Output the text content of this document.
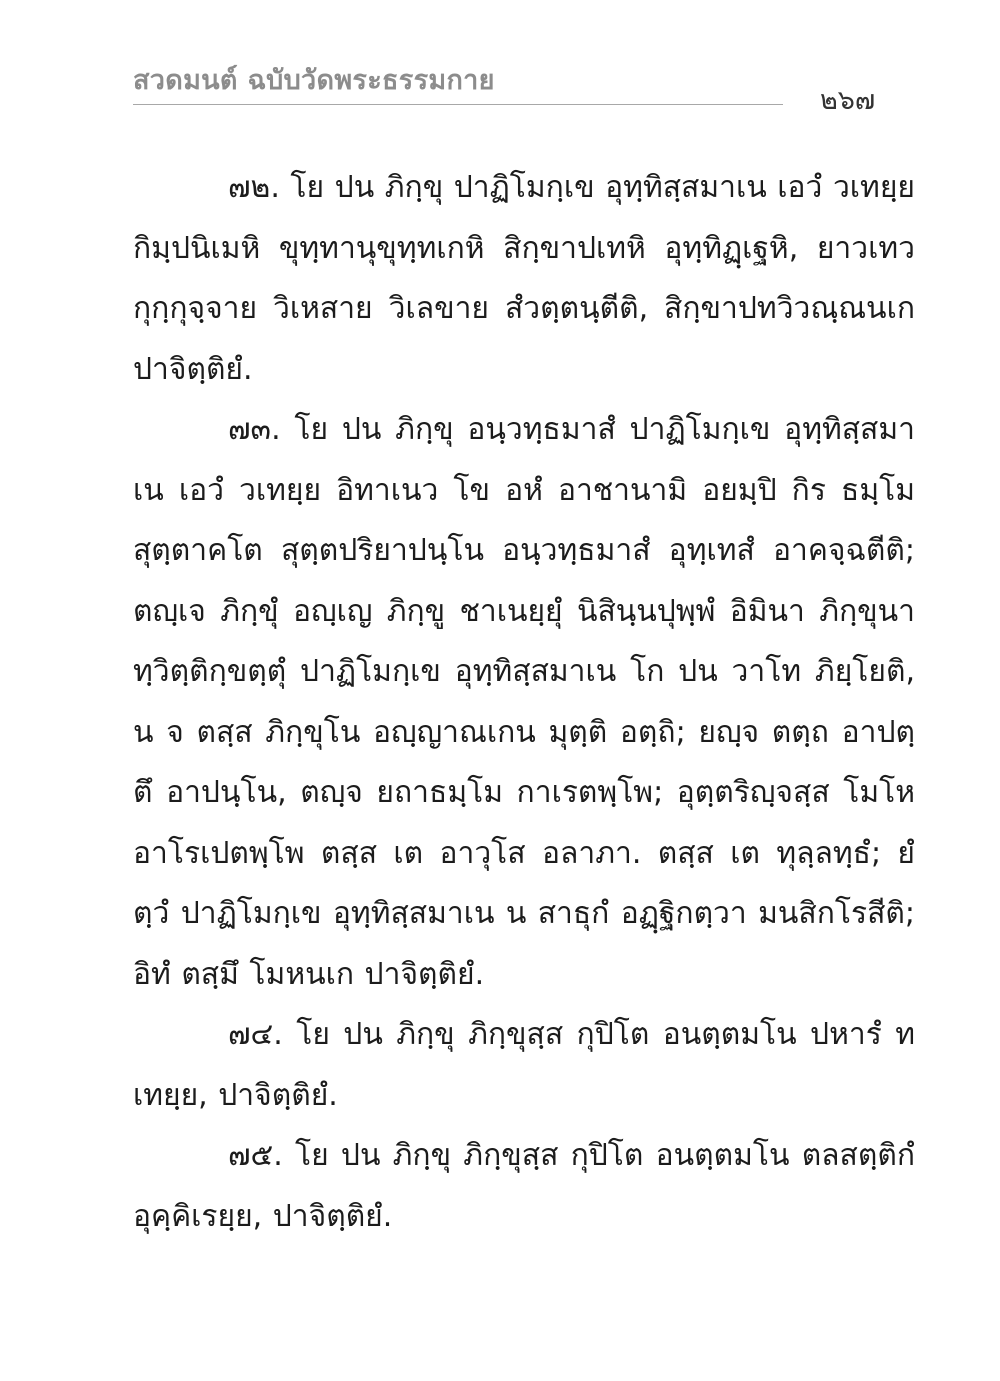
สวดมนต์ ฉบับวัดพระธรรมกาย
๒๖๗

๗๒. โย ปน ภิกฺขุ ปาฏิโมกฺเข อุทฺทิสฺสมาเน เอวํ วเทยฺย กิมฺปนิเมหิ ขุทฺทานุขุทฺทเกหิ สิกฺขาปเทหิ อุทฺทิฏฺเฐหิ, ยาวเทว กุกฺกุจฺจาย วิเหสาย วิเลขาย สํวตฺตนฺตีติ, สิกฺขาปทวิวณฺณนเก ปาจิตฺติยํ.

๗๓. โย ปน ภิกฺขุ อนฺวทฺธมาสํ ปาฏิโมกฺเข อุทฺทิสฺสมาเน เอวํ วเทยฺย อิทาเนว โข อหํ อาชานามิ อยมฺปิ กิร ธมฺโม สุตฺตาคโต สุตฺตปริยาปนฺโน อนฺวทฺธมาสํ อุทฺเทสํ อาคจฺฉตีติ; ตญฺเจ ภิกฺขุํ อญฺเญ ภิกฺขู ชาเนยฺยุํ นิสินฺนปุพฺพํ อิมินา ภิกฺขุนา ทฺวิตฺติกฺขตฺตุํ ปาฏิโมกฺเข อุทฺทิสฺสมาเน โก ปน วาโท ภิยฺโยติ, น จ ตสฺส ภิกฺขุโน อญฺญาณเกน มุตฺติ อตฺถิ; ยญฺจ ตตฺถ อาปตฺตึ อาปนฺโน, ตญฺจ ยถาธมฺโม กาเรตพฺโพ; อุตฺตริญฺจสฺส โมโห อาโรเปตพฺโพ ตสฺส เต อาวุโส อลาภา. ตสฺส เต ทุลฺลทฺธํ; ยํ ตฺวํ ปาฏิโมกฺเข อุทฺทิสฺสมาเน น สาธุกํ อฏฺฐิกตฺวา มนสิกโรสีติ; อิทํ ตสฺมึ โมหนเก ปาจิตฺติยํ.

๗๔. โย ปน ภิกฺขุ ภิกฺขุสฺส กุปิโต อนตฺตมโน ปหารํ ทเทยฺย, ปาจิตฺติยํ.

๗๕. โย ปน ภิกฺขุ ภิกฺขุสฺส กุปิโต อนตฺตมโน ตลสตฺติกํ อุคฺคิเรยฺย, ปาจิตฺติยํ.
